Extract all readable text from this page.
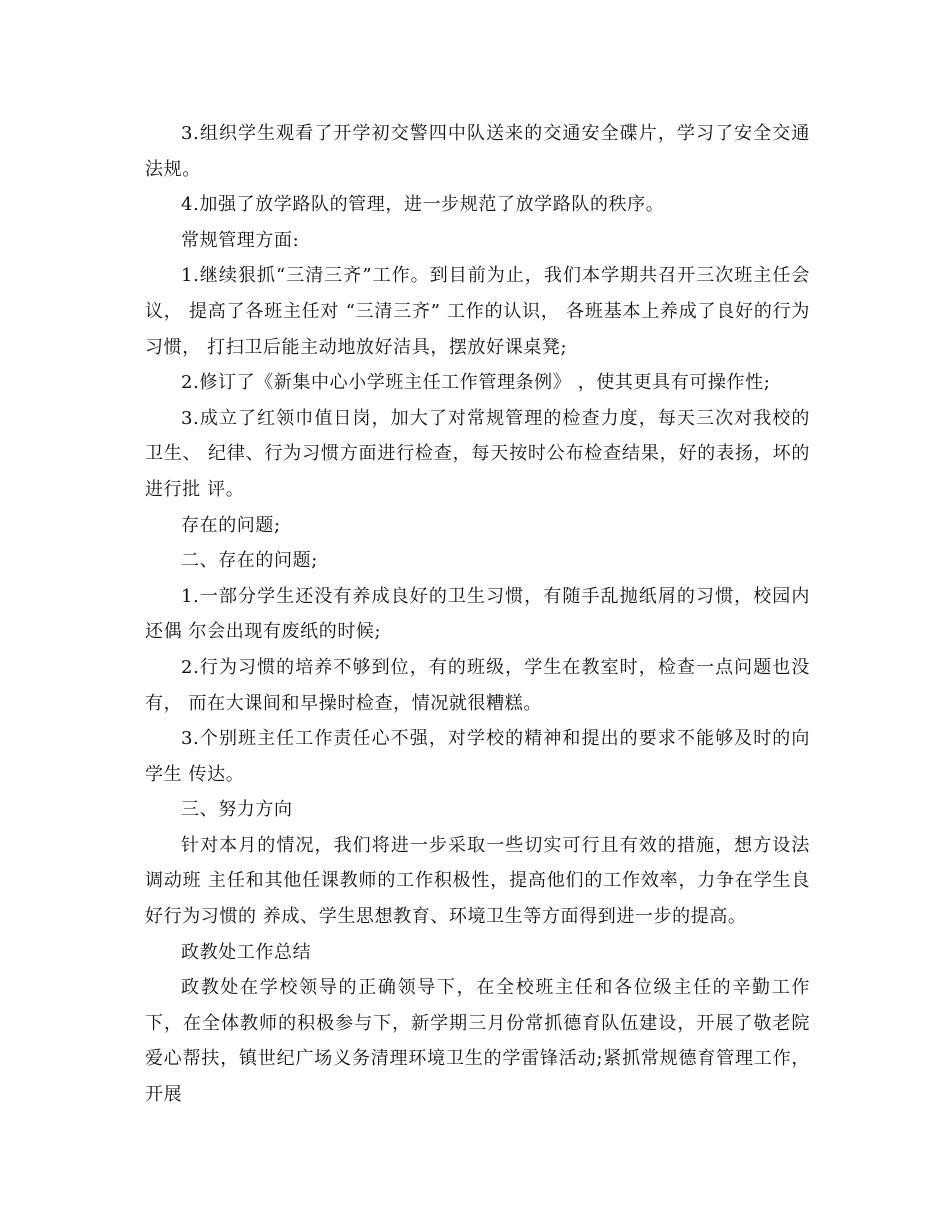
3.组织学生观看了开学初交警四中队送来的交通安全碟片，学习了安全交通法规。

4.加强了放学路队的管理，进一步规范了放学路队的秩序。

常规管理方面:

1.继续狠抓“三清三齐”工作。到目前为止，我们本学期共召开三次班主任会议， 提高了各班主任对 “三清三齐” 工作的认识， 各班基本上养成了良好的行为习惯， 打扫卫后能主动地放好洁具，摆放好课桌凳;

2.修订了《新集中心小学班主任工作管理条例》 ，使其更具有可操作性;

3.成立了红领巾值日岗，加大了对常规管理的检查力度，每天三次对我校的卫生、 纪律、行为习惯方面进行检查，每天按时公布检查结果，好的表扬，坏的进行批 评。

存在的问题;

二、存在的问题;

1.一部分学生还没有养成良好的卫生习惯，有随手乱抛纸屑的习惯，校园内还偶 尔会出现有废纸的时候;

2.行为习惯的培养不够到位，有的班级，学生在教室时，检查一点问题也没有， 而在大课间和早操时检查，情况就很糟糕。

3.个别班主任工作责任心不强，对学校的精神和提出的要求不能够及时的向学生 传达。

三、努力方向

针对本月的情况，我们将进一步采取一些切实可行且有效的措施，想方设法调动班 主任和其他任课教师的工作积极性，提高他们的工作效率，力争在学生良好行为习惯的 养成、学生思想教育、环境卫生等方面得到进一步的提高。

政教处工作总结

政教处在学校领导的正确领导下，在全校班主任和各位级主任的辛勤工作下，在全体教师的积极参与下，新学期三月份常抓德育队伍建设，开展了敬老院爱心帮扶，镇世纪广场义务清理环境卫生的学雷锋活动;紧抓常规德育管理工作，开展
